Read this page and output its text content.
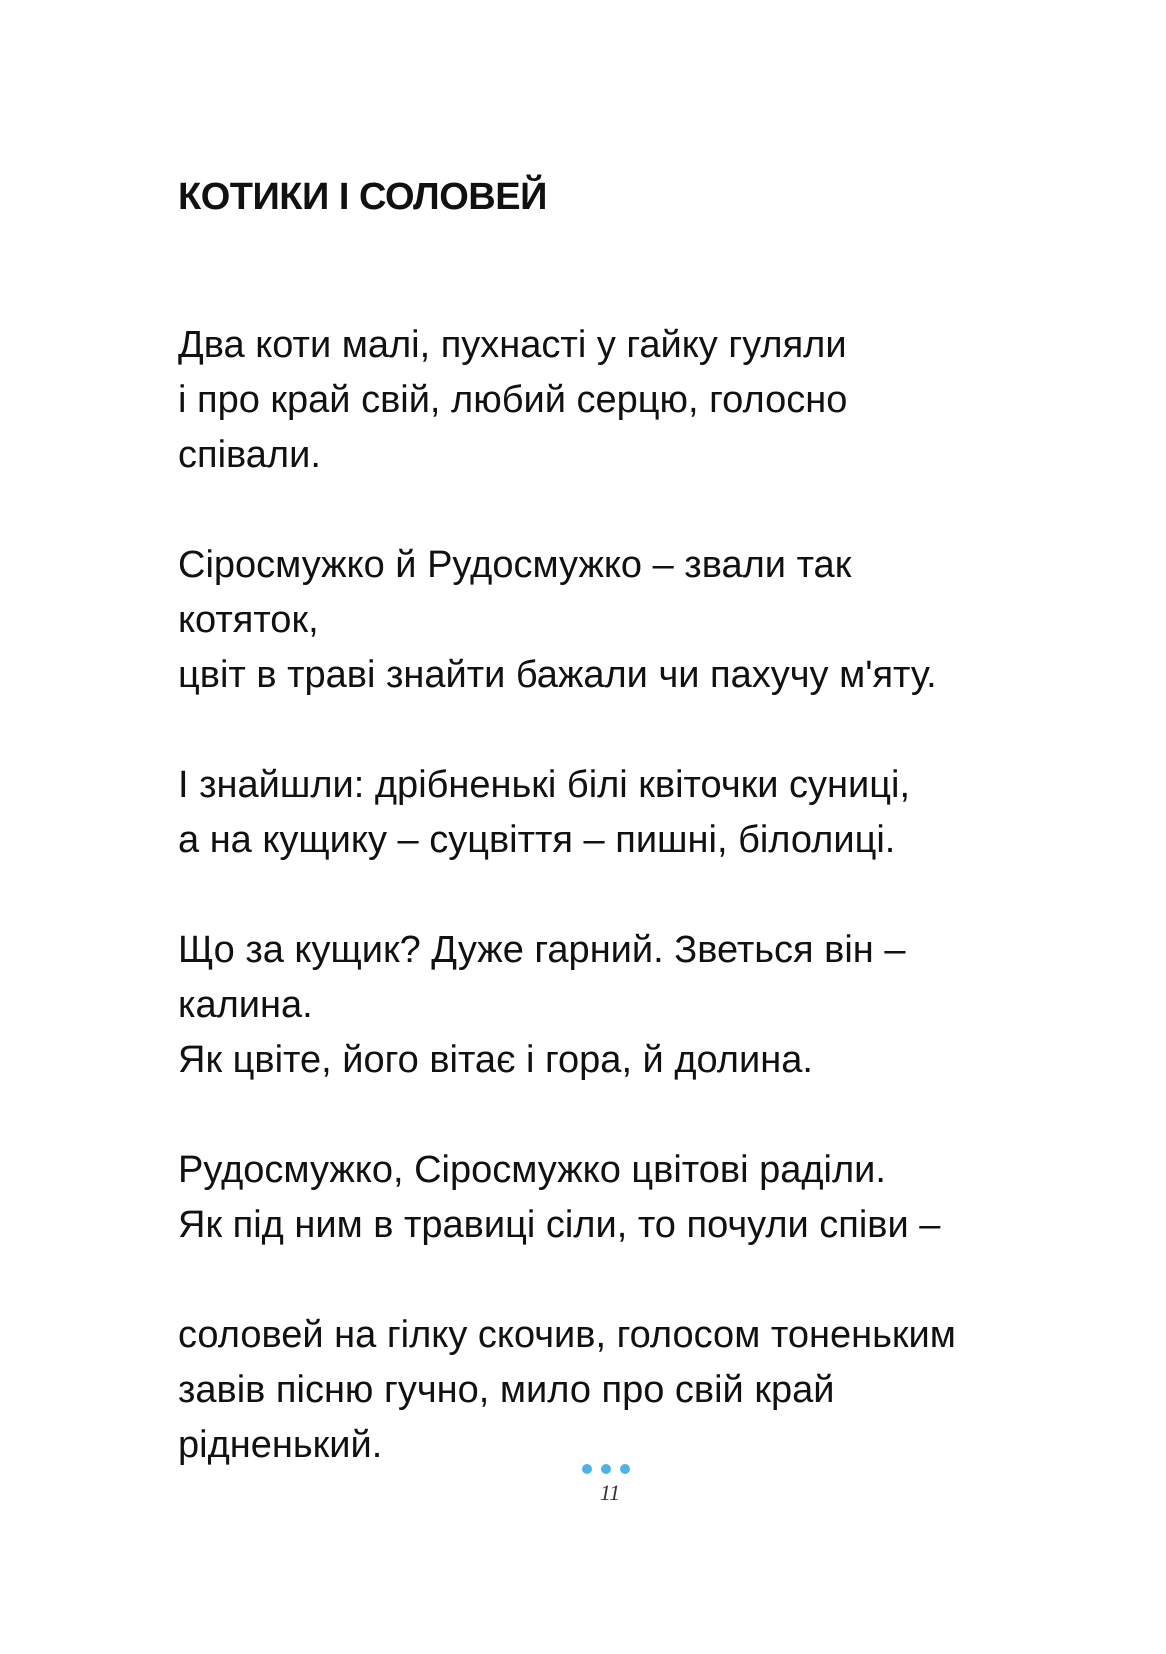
КОТИКИ І СОЛОВЕЙ

Два коти малі, пухнасті у гайку гуляли
і про край свій, любий серцю, голосно
співали.

Сіросмужко й Рудосмужко – звали так
котяток,
цвіт в траві знайти бажали чи пахучу м'яту.

І знайшли: дрібненькі білі квіточки суниці,
а на кущику – суцвіття – пишні, білолиці.

Що за кущик? Дуже гарний. Зветься він –
калина.
Як цвіте, його вітає і гора, й долина.

Рудосмужко, Сіросмужко цвітові раділи.
Як під ним в травиці сіли, то почули співи –

соловей на гілку скочив, голосом тоненьким
завів пісню гучно, мило про свій край
рідненький.

11
